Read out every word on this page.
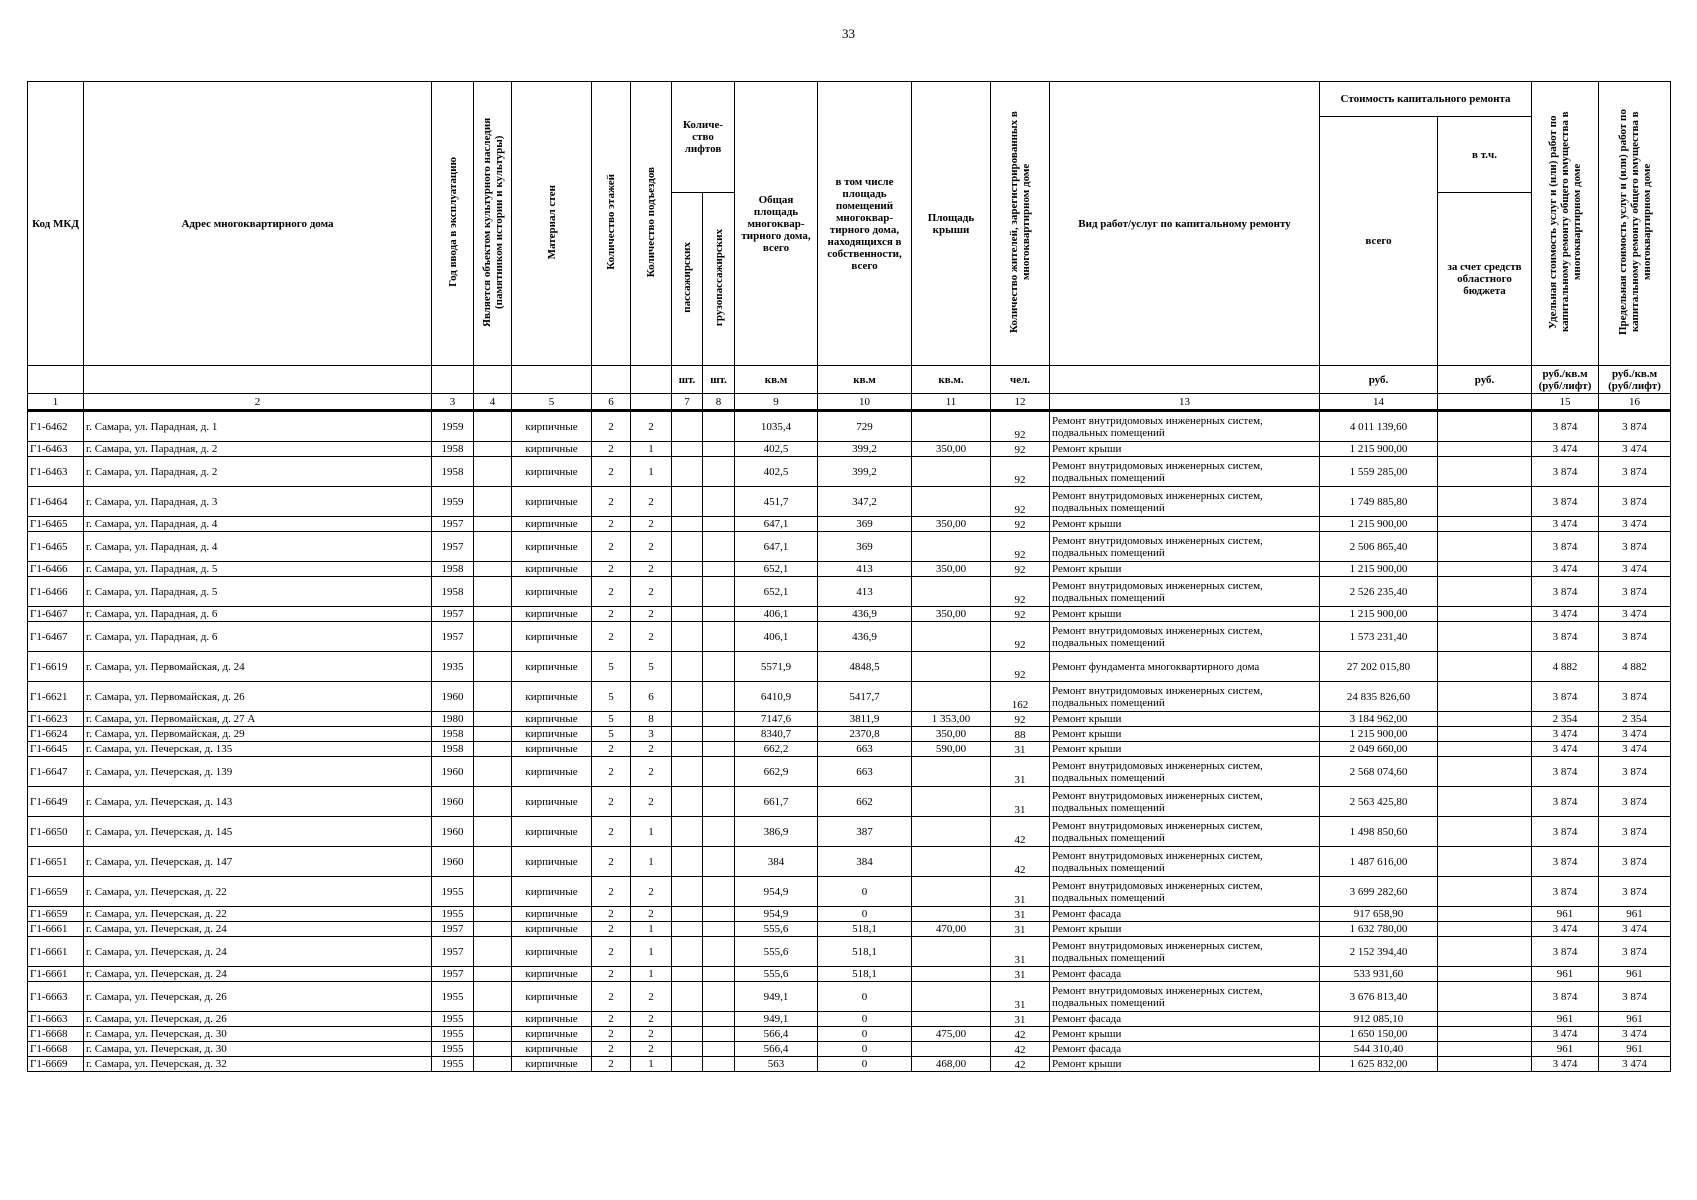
33
Код МКД	Адрес многоквартирного дома	Год ввода в эксплуатацию	Является объектом культурного наследия (памятником истории и культуры)	Материал стен	Количество этажей	Количество подъездов	Количе-ство лифтов		Общая площадь многоквар-тирного дома, всего	в том числе площадь помещений многоквар-тирного дома, находящихся в собственности, всего	Площадь крыши	Количество жителей, зарегистрированных в многоквартирном доме	Вид работ/услуг по капитальному ремонту	Стоимость капитального ремонта		Удельная стоимость услуг и (или) работ по капитальному ремонту общего имущества в многоквартирном доме	Предельная стоимость услуг и (или) работ по капитальному ремонту общего имущества в многоквартирном доме
														всего	в т.ч.		
							пассажирских	грузопассажирских							за счет средств областного бюджета		
							шт.	шт.	кв.м	кв.м	кв.м.	чел.		руб.	руб.	руб./кв.м (руб/лифт)	руб./кв.м (руб/лифт)
1	2	3	4	5	6		7	8	9	10	11	12	13	14		15	16
Г1-6462	г. Самара, ул. Парадная, д. 1	1959		кирпичные	2	2			1035,4	729		92	Ремонт внутридомовых инженерных систем, подвальных помещений	4 011 139,60		3 874	3 874
Г1-6463	г. Самара, ул. Парадная, д. 2	1958		кирпичные	2	1			402,5	399,2	350,00	92	Ремонт крыши	1 215 900,00		3 474	3 474
Г1-6463	г. Самара, ул. Парадная, д. 2	1958		кирпичные	2	1			402,5	399,2		92	Ремонт внутридомовых инженерных систем, подвальных помещений	1 559 285,00		3 874	3 874
Г1-6464	г. Самара, ул. Парадная, д. 3	1959		кирпичные	2	2			451,7	347,2		92	Ремонт внутридомовых инженерных систем, подвальных помещений	1 749 885,80		3 874	3 874
Г1-6465	г. Самара, ул. Парадная, д. 4	1957		кирпичные	2	2			647,1	369	350,00	92	Ремонт крыши	1 215 900,00		3 474	3 474
Г1-6465	г. Самара, ул. Парадная, д. 4	1957		кирпичные	2	2			647,1	369		92	Ремонт внутридомовых инженерных систем, подвальных помещений	2 506 865,40		3 874	3 874
Г1-6466	г. Самара, ул. Парадная, д. 5	1958		кирпичные	2	2			652,1	413	350,00	92	Ремонт крыши	1 215 900,00		3 474	3 474
Г1-6466	г. Самара, ул. Парадная, д. 5	1958		кирпичные	2	2			652,1	413		92	Ремонт внутридомовых инженерных систем, подвальных помещений	2 526 235,40		3 874	3 874
Г1-6467	г. Самара, ул. Парадная, д. 6	1957		кирпичные	2	2			406,1	436,9	350,00	92	Ремонт крыши	1 215 900,00		3 474	3 474
Г1-6467	г. Самара, ул. Парадная, д. 6	1957		кирпичные	2	2			406,1	436,9		92	Ремонт внутридомовых инженерных систем, подвальных помещений	1 573 231,40		3 874	3 874
Г1-6619	г. Самара, ул. Первомайская, д. 24	1935		кирпичные	5	5			5571,9	4848,5		92	Ремонт фундамента многоквартирного дома	27 202 015,80		4 882	4 882
Г1-6621	г. Самара, ул. Первомайская, д. 26	1960		кирпичные	5	6			6410,9	5417,7		162	Ремонт внутридомовых инженерных систем, подвальных помещений	24 835 826,60		3 874	3 874
Г1-6623	г. Самара, ул. Первомайская, д. 27 А	1980		кирпичные	5	8			7147,6	3811,9	1 353,00	92	Ремонт крыши	3 184 962,00		2 354	2 354
Г1-6624	г. Самара, ул. Первомайская, д. 29	1958		кирпичные	5	3			8340,7	2370,8	350,00	88	Ремонт крыши	1 215 900,00		3 474	3 474
Г1-6645	г. Самара, ул. Печерская, д. 135	1958		кирпичные	2	2			662,2	663	590,00	31	Ремонт крыши	2 049 660,00		3 474	3 474
Г1-6647	г. Самара, ул. Печерская, д. 139	1960		кирпичные	2	2			662,9	663		31	Ремонт внутридомовых инженерных систем, подвальных помещений	2 568 074,60		3 874	3 874
Г1-6649	г. Самара, ул. Печерская, д. 143	1960		кирпичные	2	2			661,7	662		31	Ремонт внутридомовых инженерных систем, подвальных помещений	2 563 425,80		3 874	3 874
Г1-6650	г. Самара, ул. Печерская, д. 145	1960		кирпичные	2	1			386,9	387		42	Ремонт внутридомовых инженерных систем, подвальных помещений	1 498 850,60		3 874	3 874
Г1-6651	г. Самара, ул. Печерская, д. 147	1960		кирпичные	2	1			384	384		42	Ремонт внутридомовых инженерных систем, подвальных помещений	1 487 616,00		3 874	3 874
Г1-6659	г. Самара, ул. Печерская, д. 22	1955		кирпичные	2	2			954,9	0		31	Ремонт внутридомовых инженерных систем, подвальных помещений	3 699 282,60		3 874	3 874
Г1-6659	г. Самара, ул. Печерская, д. 22	1955		кирпичные	2	2			954,9	0		31	Ремонт фасада	917 658,90		961	961
Г1-6661	г. Самара, ул. Печерская, д. 24	1957		кирпичные	2	1			555,6	518,1	470,00	31	Ремонт крыши	1 632 780,00		3 474	3 474
Г1-6661	г. Самара, ул. Печерская, д. 24	1957		кирпичные	2	1			555,6	518,1		31	Ремонт внутридомовых инженерных систем, подвальных помещений	2 152 394,40		3 874	3 874
Г1-6661	г. Самара, ул. Печерская, д. 24	1957		кирпичные	2	1			555,6	518,1		31	Ремонт фасада	533 931,60		961	961
Г1-6663	г. Самара, ул. Печерская, д. 26	1955		кирпичные	2	2			949,1	0		31	Ремонт внутридомовых инженерных систем, подвальных помещений	3 676 813,40		3 874	3 874
Г1-6663	г. Самара, ул. Печерская, д. 26	1955		кирпичные	2	2			949,1	0		31	Ремонт фасада	912 085,10		961	961
Г1-6668	г. Самара, ул. Печерская, д. 30	1955		кирпичные	2	2			566,4	0	475,00	42	Ремонт крыши	1 650 150,00		3 474	3 474
Г1-6668	г. Самара, ул. Печерская, д. 30	1955		кирпичные	2	2			566,4	0		42	Ремонт фасада	544 310,40		961	961
Г1-6669	г. Самара, ул. Печерская, д. 32	1955		кирпичные	2	1			563	0	468,00	42	Ремонт крыши	1 625 832,00		3 474	3 474
